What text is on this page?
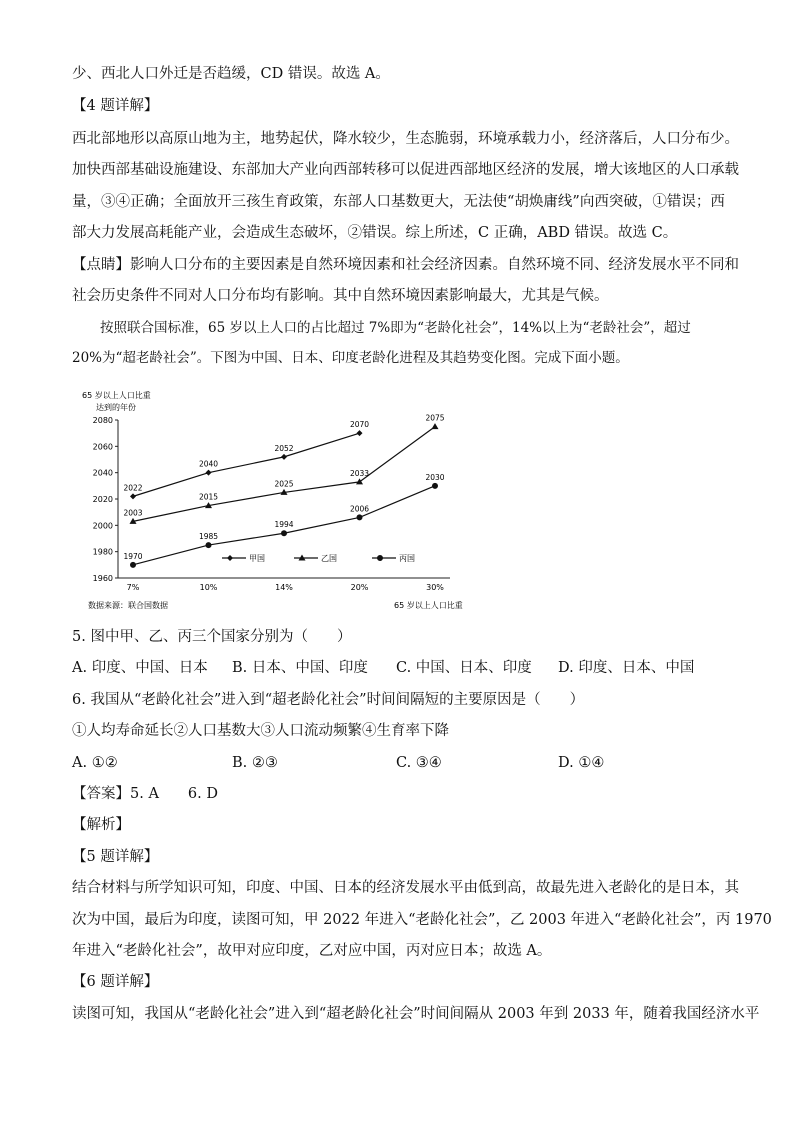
少、西北人口外迁是否趋缓，CD 错误。故选 A。
【4 题详解】
西北部地形以高原山地为主，地势起伏，降水较少，生态脆弱，环境承载力小，经济落后，人口分布少。
加快西部基础设施建设、东部加大产业向西部转移可以促进西部地区经济的发展，增大该地区的人口承载
量，③④正确；全面放开三孩生育政策，东部人口基数更大，无法使“胡焕庸线”向西突破，①错误；西
部大力发展高耗能产业，会造成生态破坏，②错误。综上所述，C 正确，ABD 错误。故选 C。
【点睛】影响人口分布的主要因素是自然环境因素和社会经济因素。自然环境不同、经济发展水平不同和
社会历史条件不同对人口分布均有影响。其中自然环境因素影响最大，尤其是气候。
按照联合国标准，65 岁以上人口的占比超过 7%即为“老龄化社会”，14%以上为“老龄社会”，超过
20%为“超老龄社会”。下图为中国、日本、印度老龄化进程及其趋势变化图。完成下面小题。
65 岁以上人口比重
达到的年份
1960
1980
2000
2020
2040
2060
2080
7%	10%	14%	20%	30%
2022
2040
2052
2070
2003
2015
2025
2033
2075
1970
1985
1994
2006
2030
甲国	乙国	丙国
数据来源：联合国数据	65 岁以上人口比重
5. 图中甲、乙、丙三个国家分别为（　　）
A. 印度、中国、日本 B. 日本、中国、印度 C. 中国、日本、印度 D. 印度、日本、中国
6. 我国从“老龄化社会”进入到“超老龄化社会”时间间隔短的主要原因是（　　）
①人均寿命延长②人口基数大③人口流动频繁④生育率下降
A. ①②	B. ②③	C. ③④	D. ①④
【答案】5. A　　6. D
【解析】
【5 题详解】
结合材料与所学知识可知，印度、中国、日本的经济发展水平由低到高，故最先进入老龄化的是日本，其
次为中国，最后为印度，读图可知，甲 2022 年进入“老龄化社会”，乙 2003 年进入“老龄化社会”，丙 1970
年进入“老龄化社会”，故甲对应印度，乙对应中国，丙对应日本；故选 A。
【6 题详解】
读图可知，我国从“老龄化社会”进入到“超老龄化社会”时间间隔从 2003 年到 2033 年，随着我国经济水平
